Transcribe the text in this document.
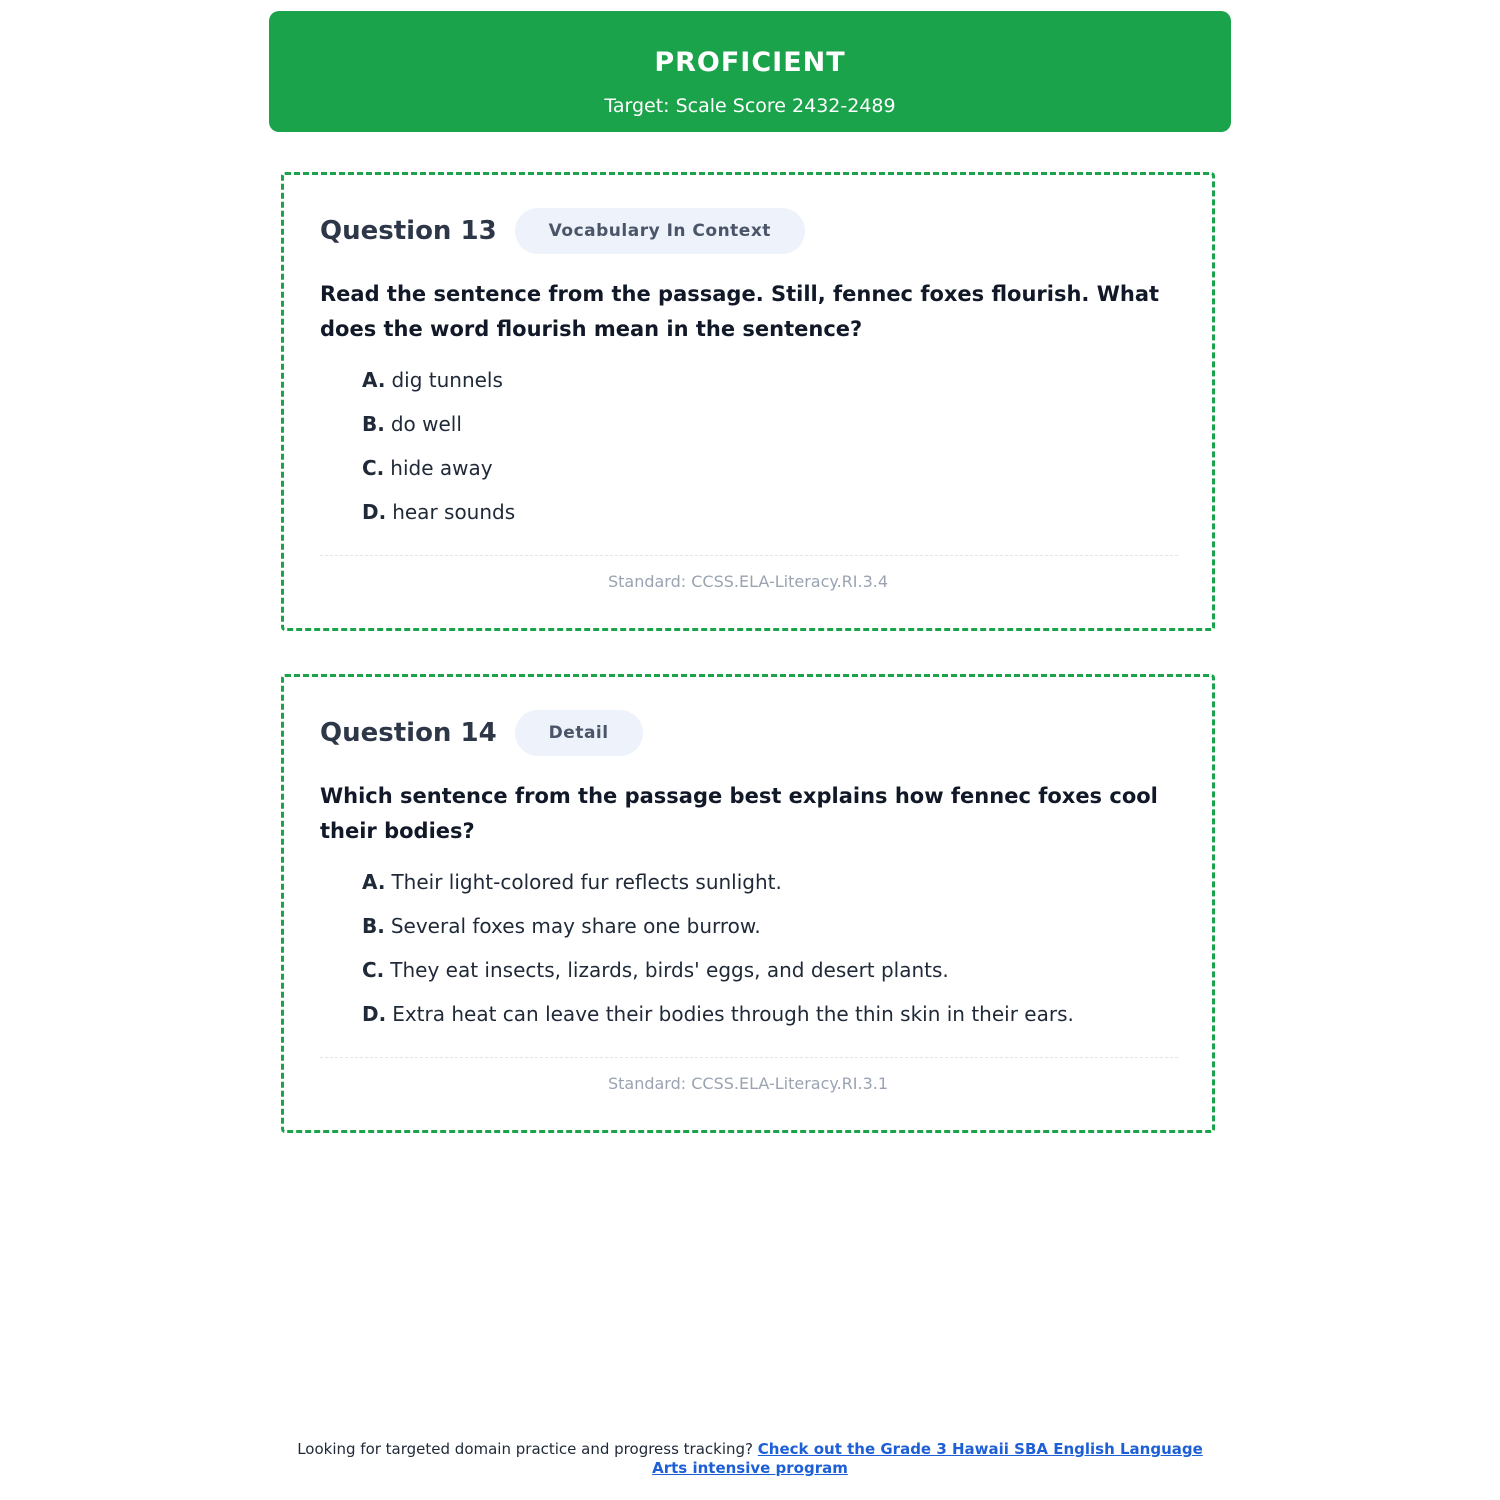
PROFICIENT
Target: Scale Score 2432-2489
Question 13	Vocabulary In Context
Read the sentence from the passage. Still, fennec foxes flourish. What does the word flourish mean in the sentence?
A. dig tunnels
B. do well
C. hide away
D. hear sounds
Standard: CCSS.ELA-Literacy.RI.3.4
Question 14	Detail
Which sentence from the passage best explains how fennec foxes cool their bodies?
A. Their light-colored fur reflects sunlight.
B. Several foxes may share one burrow.
C. They eat insects, lizards, birds' eggs, and desert plants.
D. Extra heat can leave their bodies through the thin skin in their ears.
Standard: CCSS.ELA-Literacy.RI.3.1
Looking for targeted domain practice and progress tracking? Check out the Grade 3 Hawaii SBA English Language Arts intensive program
